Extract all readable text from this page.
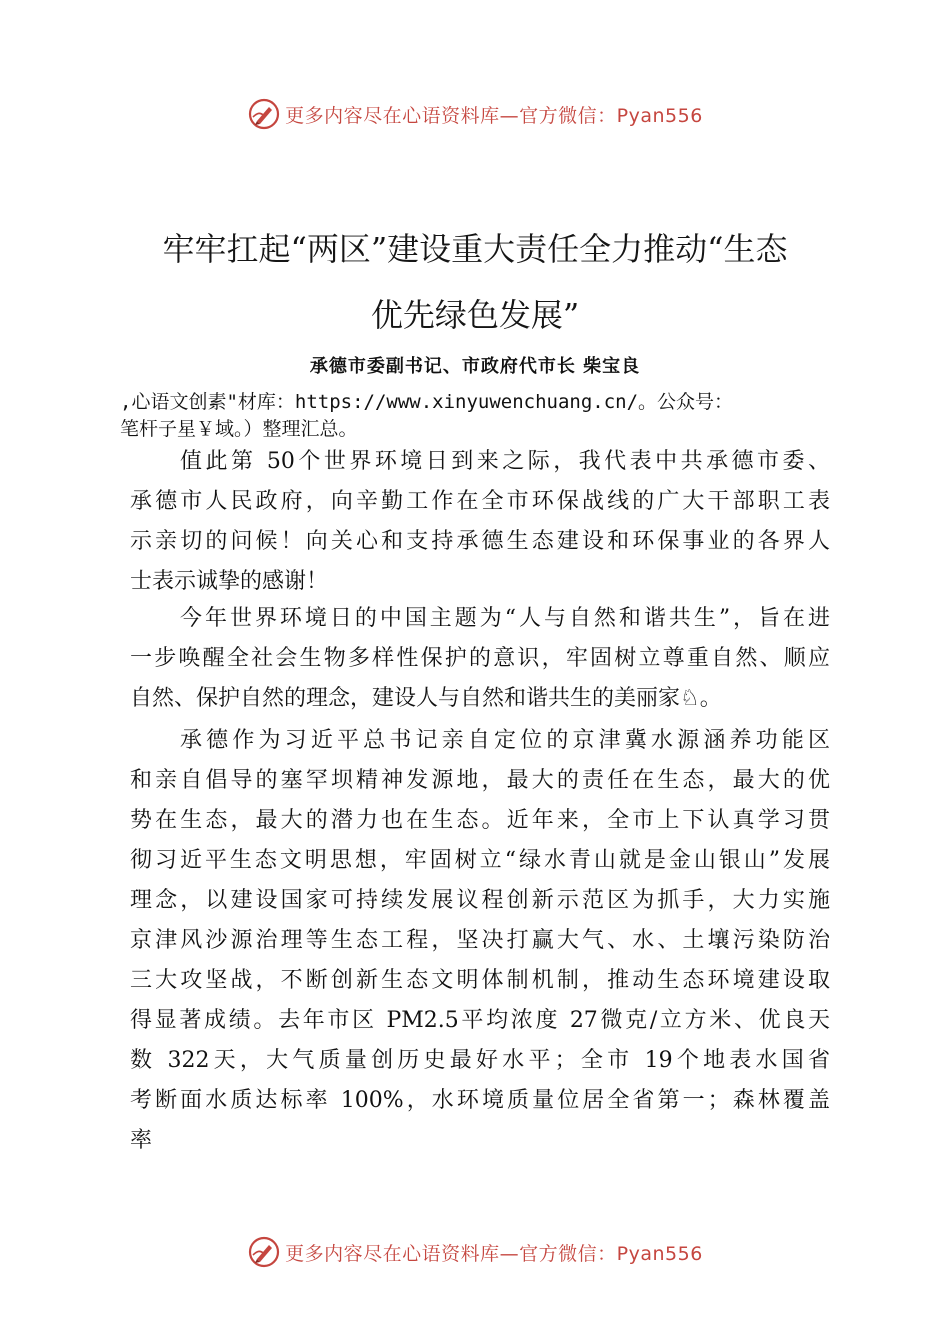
更多内容尽在心语资料库—官方微信：Pyan556
牢牢扛起“两区”建设重大责任全力推动“生态
优先绿色发展”
承德市委副书记、市政府代市长 柴宝良
,心语文创素"材库：https://www.xinyuwenchuang.cn/。公众号：
笔杆子星￥域。）整理汇总。
值此第 50个世界环境日到来之际，我代表中共承德市委、
承德市人民政府，向辛勤工作在全市环保战线的广大干部职工表
示亲切的问候！向关心和支持承德生态建设和环保事业的各界人
士表示诚挚的感谢！
今年世界环境日的中国主题为“人与自然和谐共生”，旨在进
一步唤醒全社会生物多样性保护的意识，牢固树立尊重自然、顺应
自然、保护自然的理念，建设人与自然和谐共生的美丽家♘。
承德作为习近平总书记亲自定位的京津冀水源涵养功能区
和亲自倡导的塞罕坝精神发源地，最大的责任在生态，最大的优
势在生态，最大的潜力也在生态。近年来，全市上下认真学习贯
彻习近平生态文明思想，牢固树立“绿水青山就是金山银山”发展
理念，以建设国家可持续发展议程创新示范区为抓手，大力实施
京津风沙源治理等生态工程，坚决打赢大气、水、土壤污染防治
三大攻坚战，不断创新生态文明体制机制，推动生态环境建设取
得显著成绩。去年市区 PM2.5平均浓度 27微克/立方米、优良天
数 322天，大气质量创历史最好水平；全市 19个地表水国省
考断面水质达标率 100%，水环境质量位居全省第一；森林覆盖
率
更多内容尽在心语资料库—官方微信：Pyan556
